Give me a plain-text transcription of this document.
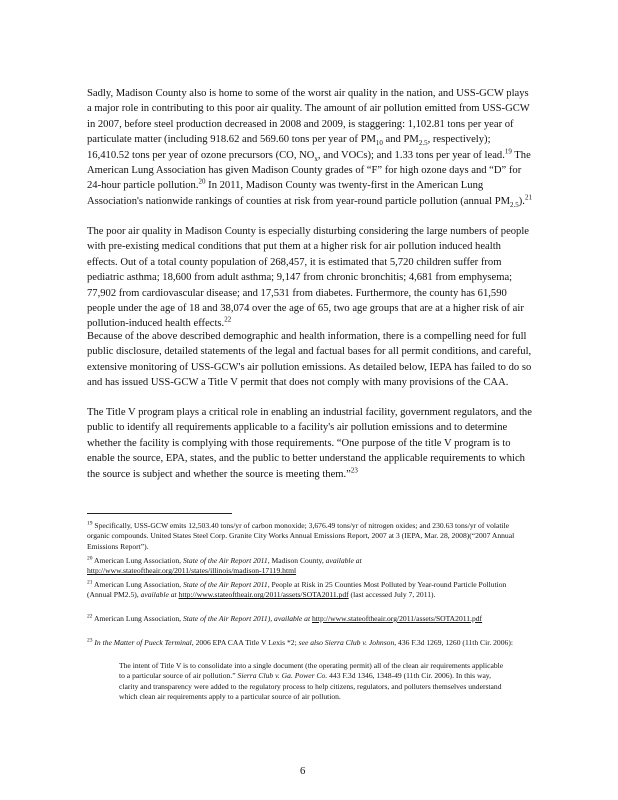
Sadly, Madison County also is home to some of the worst air quality in the nation, and USS-GCW plays a major role in contributing to this poor air quality. The amount of air pollution emitted from USS-GCW in 2007, before steel production decreased in 2008 and 2009, is staggering: 1,102.81 tons per year of particulate matter (including 918.62 and 569.60 tons per year of $PM_{10}$ and $PM_{2.5}$, respectively); 16,410.52 tons per year of ozone precursors (CO, $NO_x$, and VOCs); and 1.33 tons per year of lead.$^{19}$ The American Lung Association has given Madison County grades of “F” for high ozone days and “D” for 24-hour particle pollution.$^{20}$ In 2011, Madison County was twenty-first in the American Lung Association's nationwide rankings of counties at risk from year-round particle pollution (annual $PM_{2.5}).^{21}$

The poor air quality in Madison County is especially disturbing considering the large numbers of people with pre-existing medical conditions that put them at a higher risk for air pollution induced health effects. Out of a total county population of 268,457, it is estimated that 5,720 children suffer from pediatric asthma; 18,600 from adult asthma; 9,147 from chronic bronchitis; 4,681 from emphysema; 77,902 from cardiovascular disease; and 17,531 from diabetes. Furthermore, the county has 61,590 people under the age of 18 and 38,074 over the age of 65, two age groups that are at a higher risk of air pollution-induced health effects.$^{22}$

Because of the above described demographic and health information, there is a compelling need for full public disclosure, detailed statements of the legal and factual bases for all permit conditions, and careful, extensive monitoring of USS-GCW's air pollution emissions. As detailed below, IEPA has failed to do so and has issued USS-GCW a Title V permit that does not comply with many provisions of the CAA.

The Title V program plays a critical role in enabling an industrial facility, government regulators, and the public to identify all requirements applicable to a facility's air pollution emissions and to determine whether the facility is complying with those requirements. “One purpose of the title V program is to enable the source, EPA, states, and the public to better understand the applicable requirements to which the source is subject and whether the source is meeting them.”$^{23}$

$^{19}$ Specifically, USS-GCW emits 12,503.40 tons/yr of carbon monoxide; 3,676.49 tons/yr of nitrogen oxides; and 230.63 tons/yr of volatile organic compounds. United States Steel Corp. Granite City Works Annual Emissions Report, 2007 at 3 (IEPA, Mar. 28, 2008)(“2007 Annual Emissions Report”).

$^{20}$ American Lung Association, State of the Air Report 2011, Madison County, available at http://www.stateoftheair.org/2011/states/illinois/madison-17119.html

$^{21}$ American Lung Association, State of the Air Report 2011, People at Risk in 25 Counties Most Polluted by Year-round Particle Pollution (Annual PM2.5), available at http://www.stateoftheair.org/2011/assets/SOTA2011.pdf (last accessed July 7, 2011).

$^{22}$ American Lung Association, State of the Air Report 2011), available at http://www.stateoftheair.org/2011/assets/SOTA2011.pdf

$^{23}$ In the Matter of Pueck Terminal, 2006 EPA CAA Title V Lexis *2; see also Sierra Club v. Johnson, 436 F.3d 1269, 1260 (11th Cir. 2006):

The intent of Title V is to consolidate into a single document (the operating permit) all of the clean air requirements applicable to a particular source of air pollution.” Sierra Club v. Ga. Power Co. 443 F.3d 1346, 1348-49 (11th Cir. 2006). In this way, clarity and transparency were added to the regulatory process to help citizens, regulators, and polluters themselves understand which clean air requirements apply to a particular source of air pollution.

6
